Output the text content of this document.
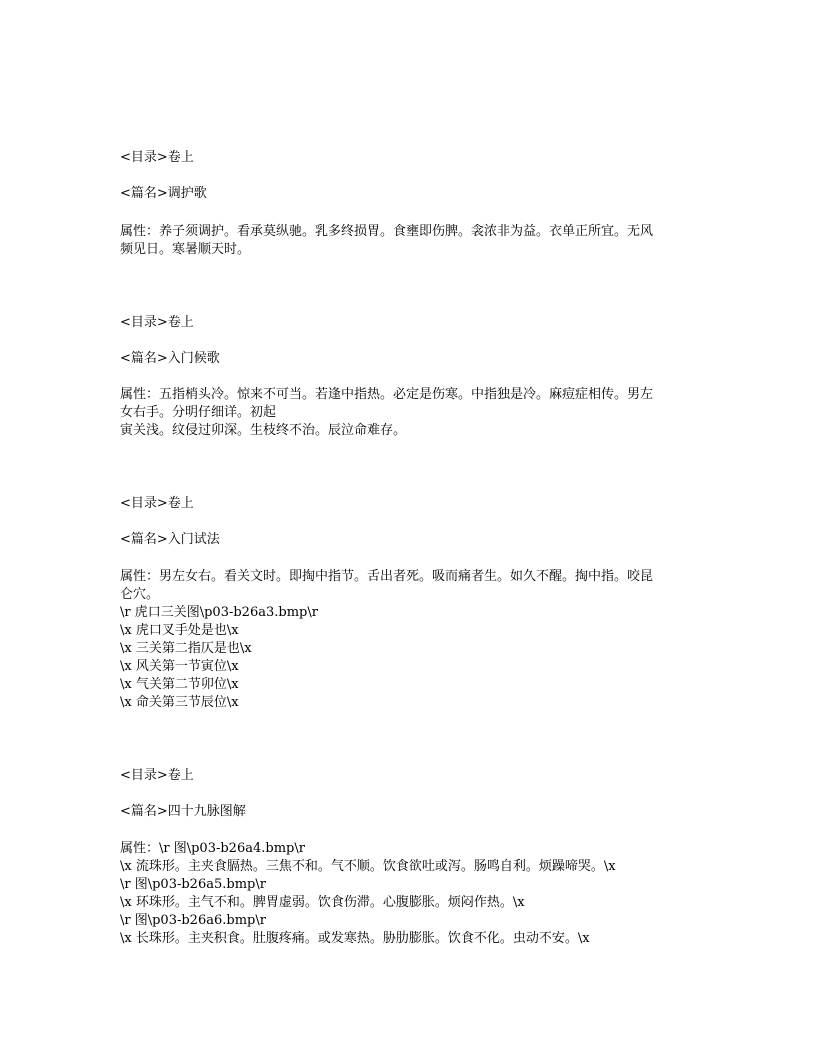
<目录>卷上

<篇名>调护歌

属性：养子须调护。看承莫纵驰。乳多终损胃。食壅即伤脾。衾浓非为益。衣单正所宜。无风

频见日。寒暑顺天时。

<目录>卷上

<篇名>入门候歌

属性：五指梢头冷。惊来不可当。若逢中指热。必定是伤寒。中指独是冷。麻痘症相传。男左

女右手。分明仔细详。初起

寅关浅。纹侵过卯深。生枝终不治。辰泣命难存。

<目录>卷上

<篇名>入门试法

属性：男左女右。看关文时。即掏中指节。舌出者死。吸而痛者生。如久不醒。掏中指。咬昆

仑穴。

\r 虎口三关图\p03-b26a3.bmp\r

\x 虎口叉手处是也\x

\x 三关第二指仄是也\x

\x 风关第一节寅位\x

\x 气关第二节卯位\x

\x 命关第三节辰位\x

<目录>卷上

<篇名>四十九脉图解

属性：\r 图\p03-b26a4.bmp\r

\x 流珠形。主夹食膈热。三焦不和。气不顺。饮食欲吐或泻。肠鸣自利。烦躁啼哭。\x

\r 图\p03-b26a5.bmp\r

\x 环珠形。主气不和。脾胃虚弱。饮食伤滞。心腹膨胀。烦闷作热。\x

\r 图\p03-b26a6.bmp\r

\x 长珠形。主夹积食。肚腹疼痛。或发寒热。胁肋膨胀。饮食不化。虫动不安。\x
